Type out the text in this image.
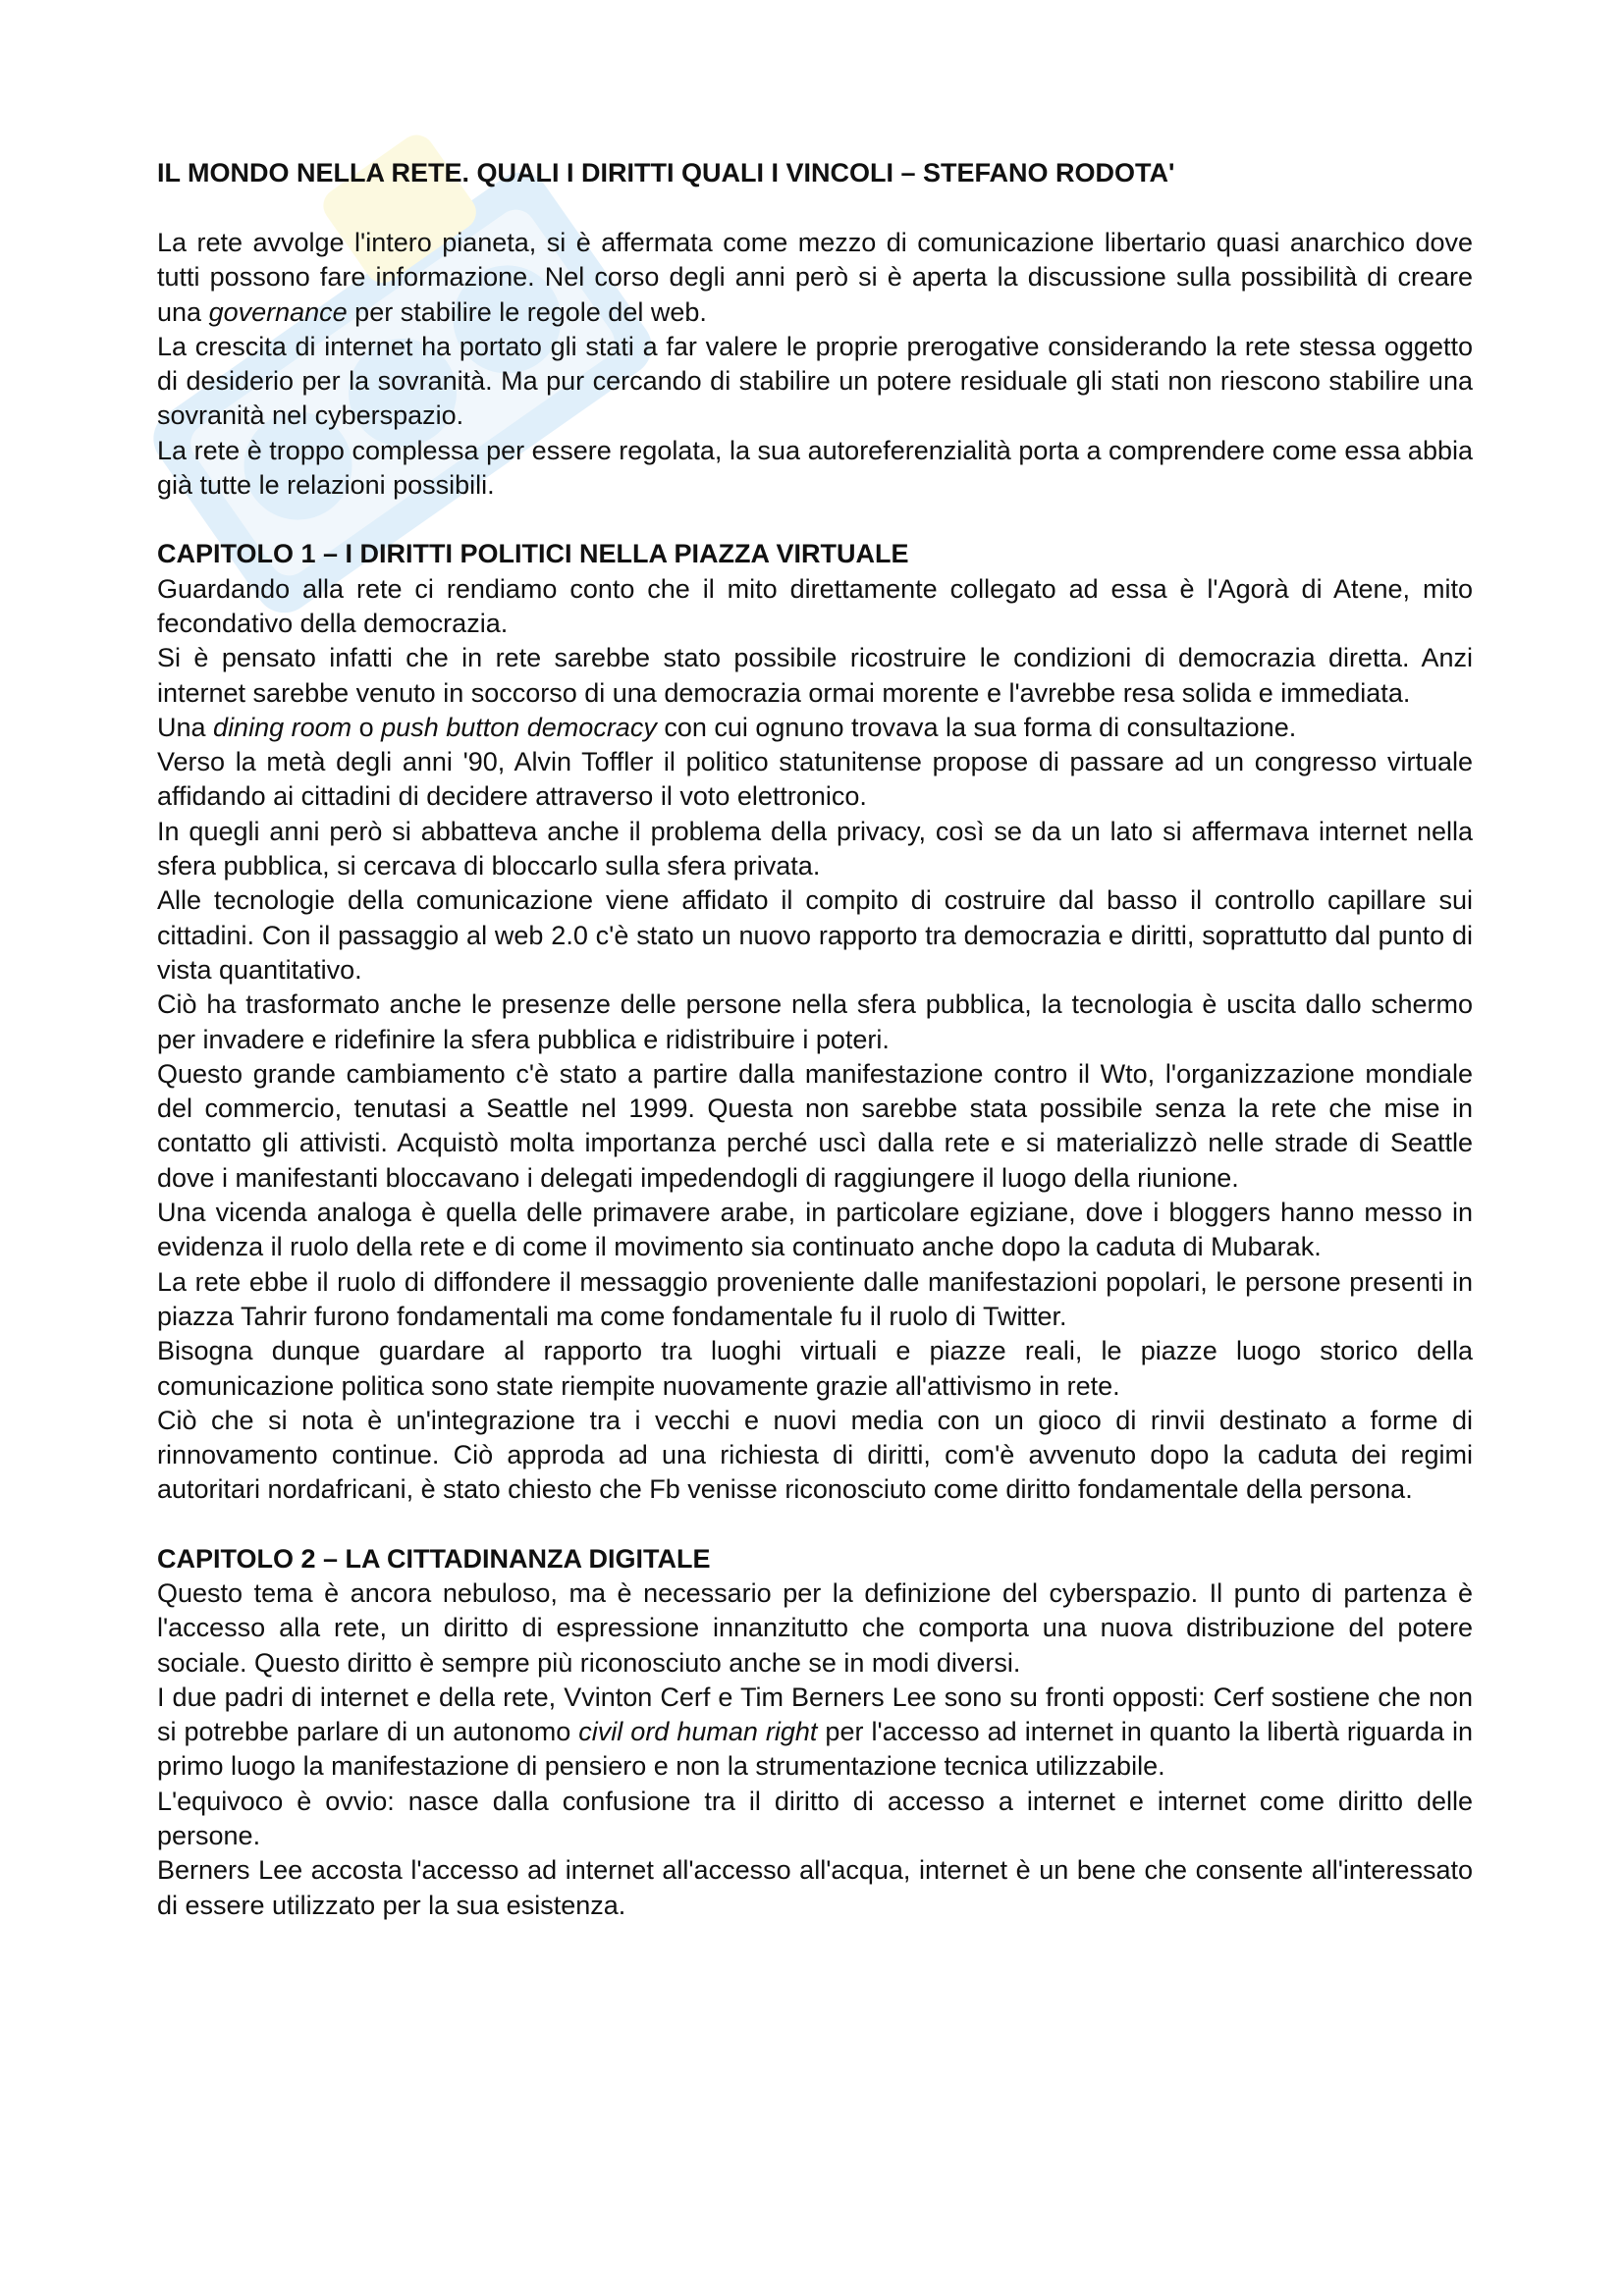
IL MONDO NELLA RETE. QUALI I DIRITTI QUALI I VINCOLI – STEFANO RODOTA'

La rete avvolge l'intero pianeta, si è affermata come mezzo di comunicazione libertario quasi anarchico dove tutti possono fare informazione. Nel corso degli anni però si è aperta la discussione sulla possibilità di creare una governance per stabilire le regole del web.

La crescita di internet ha portato gli stati a far valere le proprie prerogative considerando la rete stessa oggetto di desiderio per la sovranità. Ma pur cercando di stabilire un potere residuale gli stati non riescono stabilire una sovranità nel cyberspazio.

La rete è troppo complessa per essere regolata, la sua autoreferenzialità porta a comprendere come essa abbia già tutte le relazioni possibili.

CAPITOLO 1 – I DIRITTI POLITICI NELLA PIAZZA VIRTUALE

Guardando alla rete ci rendiamo conto che il mito direttamente collegato ad essa è l'Agorà di Atene, mito fecondativo della democrazia.

Si è pensato infatti che in rete sarebbe stato possibile ricostruire le condizioni di democrazia diretta. Anzi internet sarebbe venuto in soccorso di una democrazia ormai morente e l'avrebbe resa solida e immediata.

Una dining room o push button democracy con cui ognuno trovava la sua forma di consultazione.

Verso la metà degli anni '90, Alvin Toffler il politico statunitense propose di passare ad un congresso virtuale affidando ai cittadini di decidere attraverso il voto elettronico.

In quegli anni però si abbatteva anche il problema della privacy, così se da un lato si affermava internet nella sfera pubblica, si cercava di bloccarlo sulla sfera privata.

Alle tecnologie della comunicazione viene affidato il compito di costruire dal basso il controllo capillare sui cittadini. Con il passaggio al web 2.0 c'è stato un nuovo rapporto tra democrazia e diritti, soprattutto dal punto di vista quantitativo.

Ciò ha trasformato anche le presenze delle persone nella sfera pubblica, la tecnologia è uscita dallo schermo per invadere e ridefinire la sfera pubblica e ridistribuire i poteri.

Questo grande cambiamento c'è stato a partire dalla manifestazione contro il Wto, l'organizzazione mondiale del commercio, tenutasi a Seattle nel 1999. Questa non sarebbe stata possibile senza la rete che mise in contatto gli attivisti. Acquistò molta importanza perché uscì dalla rete e si materializzò nelle strade di Seattle dove i manifestanti bloccavano i delegati impedendogli di raggiungere il luogo della riunione.

Una vicenda analoga è quella delle primavere arabe, in particolare egiziane, dove i bloggers hanno messo in evidenza il ruolo della rete e di come il movimento sia continuato anche dopo la caduta di Mubarak.

La rete ebbe il ruolo di diffondere il messaggio proveniente dalle manifestazioni popolari, le persone presenti in piazza Tahrir furono fondamentali ma come fondamentale fu il ruolo di Twitter.

Bisogna dunque guardare al rapporto tra luoghi virtuali e piazze reali, le piazze luogo storico della comunicazione politica sono state riempite nuovamente grazie all'attivismo in rete.

Ciò che si nota è un'integrazione tra i vecchi e nuovi media con un gioco di rinvii destinato a forme di rinnovamento continue. Ciò approda ad una richiesta di diritti, com'è avvenuto dopo la caduta dei regimi autoritari nordafricani, è stato chiesto che Fb venisse riconosciuto come diritto fondamentale della persona.

CAPITOLO 2 – LA CITTADINANZA DIGITALE

Questo tema è ancora nebuloso, ma è necessario per la definizione del cyberspazio. Il punto di partenza è l'accesso alla rete, un diritto di espressione innanzitutto che comporta una nuova distribuzione del potere sociale. Questo diritto è sempre più riconosciuto anche se in modi diversi.

I due padri di internet e della rete, Vvinton Cerf e Tim Berners Lee sono su fronti opposti: Cerf sostiene che non si potrebbe parlare di un autonomo civil ord human right per l'accesso ad internet in quanto la libertà riguarda in primo luogo la manifestazione di pensiero e non la strumentazione tecnica utilizzabile.

L'equivoco è ovvio: nasce dalla confusione tra il diritto di accesso a internet e internet come diritto delle persone.

Berners Lee accosta l'accesso ad internet all'accesso all'acqua, internet è un bene che consente all'interessato di essere utilizzato per la sua esistenza.
